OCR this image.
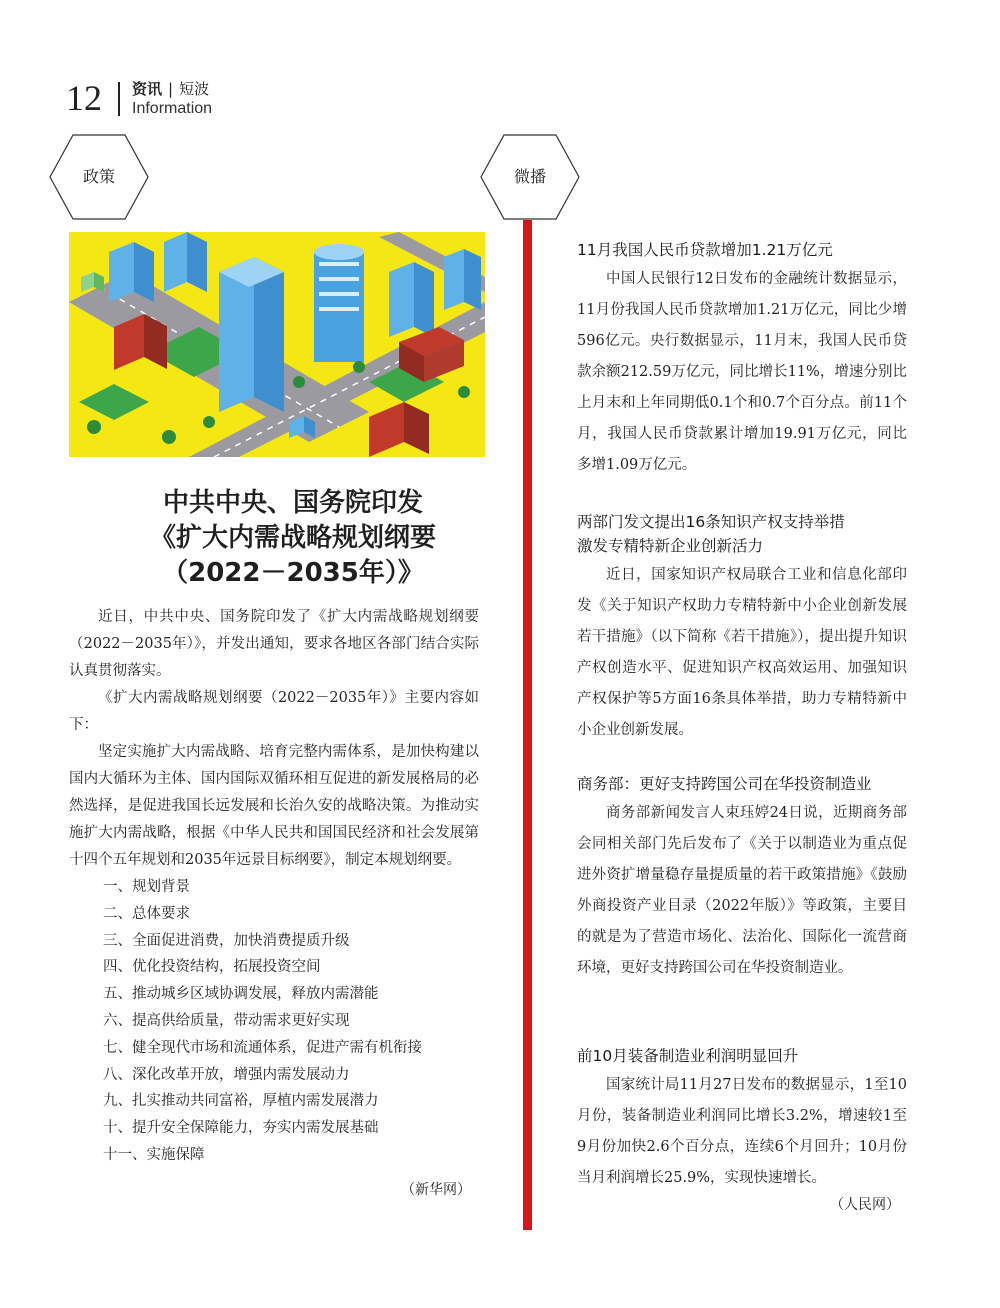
12 资讯 | 短波
Information
政策	微播
中共中央、国务院印发
《扩大内需战略规划纲要
（2022－2035年）》

近日，中共中央、国务院印发了《扩大内需战略规划纲要（2022－2035年）》，并发出通知，要求各地区各部门结合实际认真贯彻落实。

《扩大内需战略规划纲要（2022－2035年）》主要内容如下：

坚定实施扩大内需战略、培育完整内需体系，是加快构建以国内大循环为主体、国内国际双循环相互促进的新发展格局的必然选择，是促进我国长远发展和长治久安的战略决策。为推动实施扩大内需战略，根据《中华人民共和国国民经济和社会发展第十四个五年规划和2035年远景目标纲要》，制定本规划纲要。

一、规划背景
二、总体要求
三、全面促进消费，加快消费提质升级
四、优化投资结构，拓展投资空间
五、推动城乡区域协调发展，释放内需潜能
六、提高供给质量，带动需求更好实现
七、健全现代市场和流通体系，促进产需有机衔接
八、深化改革开放，增强内需发展动力
九、扎实推动共同富裕，厚植内需发展潜力
十、提升安全保障能力，夯实内需发展基础
十一、实施保障
（新华网）
11月我国人民币贷款增加1.21万亿元

中国人民银行12日发布的金融统计数据显示，11月份我国人民币贷款增加1.21万亿元，同比少增596亿元。央行数据显示，11月末，我国人民币贷款余额212.59万亿元，同比增长11%，增速分别比上月末和上年同期低0.1个和0.7个百分点。前11个月，我国人民币贷款累计增加19.91万亿元，同比多增1.09万亿元。

两部门发文提出16条知识产权支持举措
激发专精特新企业创新活力

近日，国家知识产权局联合工业和信息化部印发《关于知识产权助力专精特新中小企业创新发展若干措施》（以下简称《若干措施》），提出提升知识产权创造水平、促进知识产权高效运用、加强知识产权保护等5方面16条具体举措，助力专精特新中小企业创新发展。

商务部：更好支持跨国公司在华投资制造业

商务部新闻发言人束珏婷24日说，近期商务部会同相关部门先后发布了《关于以制造业为重点促进外资扩增量稳存量提质量的若干政策措施》《鼓励外商投资产业目录（2022年版）》等政策，主要目的就是为了营造市场化、法治化、国际化一流营商环境，更好支持跨国公司在华投资制造业。

前10月装备制造业利润明显回升

国家统计局11月27日发布的数据显示，1至10月份，装备制造业利润同比增长3.2%，增速较1至9月份加快2.6个百分点，连续6个月回升；10月份当月利润增长25.9%，实现快速增长。

（人民网）
